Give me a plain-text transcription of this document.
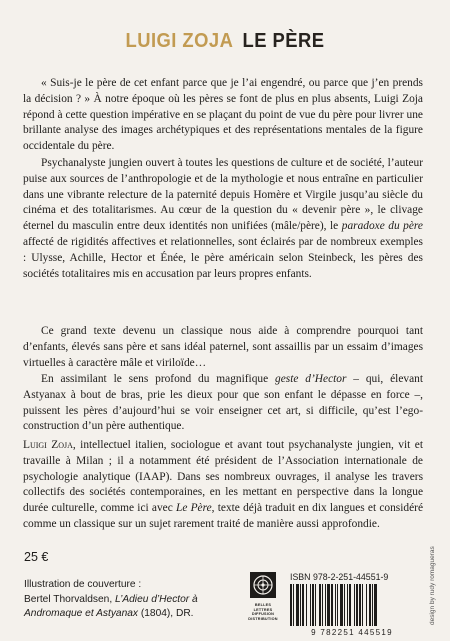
LUIGI ZOJA LE PÈRE

« Suis-je le père de cet enfant parce que je l’ai engendré, ou parce que j’en prends la décision ? » À notre époque où les pères se font de plus en plus absents, Luigi Zoja répond à cette question impérative en se plaçant du point de vue du père pour livrer une brillante analyse des images archétypiques et des représentations mentales de la figure occidentale du père.

Psychanalyste jungien ouvert à toutes les questions de culture et de société, l’auteur puise aux sources de l’anthropologie et de la mythologie et nous entraîne en particulier dans une vibrante relecture de la paternité depuis Homère et Virgile jusqu’au siècle du cinéma et des totalitarismes. Au cœur de la question du « devenir père », le clivage éternel du masculin entre deux identités non unifiées (mâle/père), le paradoxe du père affecté de rigidités affectives et relationnelles, sont éclairés par de nombreux exemples : Ulysse, Achille, Hector et Énée, le père américain selon Steinbeck, les pères des sociétés totalitaires mis en accusation par leurs propres enfants.

Ce grand texte devenu un classique nous aide à comprendre pourquoi tant d’enfants, élevés sans père et sans idéal paternel, sont assaillis par un essaim d’images virtuelles à caractère mâle et viriloïde…

En assimilant le sens profond du magnifique geste d’Hector – qui, élevant Astyanax à bout de bras, prie les dieux pour que son enfant le dépasse en force –, puissent les pères d’aujourd’hui se voir enseigner cet art, si difficile, qu’est l’ego-construction d’un père authentique.

Luigi Zoja, intellectuel italien, sociologue et avant tout psychanalyste jungien, vit et travaille à Milan ; il a notamment été président de l’Association internationale de psychologie analytique (IAAP). Dans ses nombreux ouvrages, il analyse les travers collectifs des sociétés contemporaines, en les mettant en perspective dans la longue durée culturelle, comme ici avec Le Père, texte déjà traduit en dix langues et considéré comme un classique sur un sujet rarement traité de manière aussi approfondie.

25 €
Illustration de couverture :
Bertel Thorvaldsen, L’Adieu d’Hector à Andromaque et Astyanax (1804), DR.
BELLES LETTRES
DIFFUSION
DISTRIBUTION
ISBN 978-2-251-44551-9
9 782251 445519
design by rudy romagueras
